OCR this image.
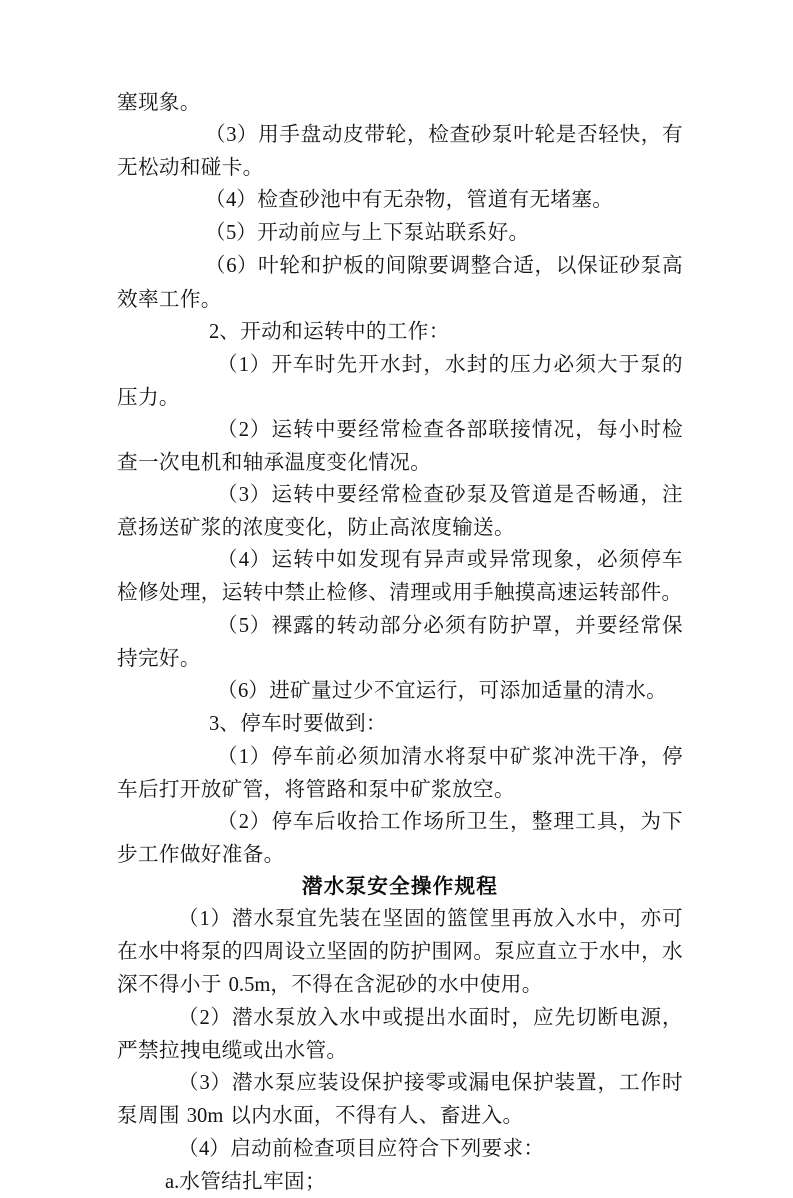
塞现象。

（3）用手盘动皮带轮，检查砂泵叶轮是否轻快，有无松动和碰卡。

（4）检查砂池中有无杂物，管道有无堵塞。

（5）开动前应与上下泵站联系好。

（6）叶轮和护板的间隙要调整合适，以保证砂泵高效率工作。

2、开动和运转中的工作：

（1）开车时先开水封，水封的压力必须大于泵的压力。

（2）运转中要经常检查各部联接情况，每小时检查一次电机和轴承温度变化情况。

（3）运转中要经常检查砂泵及管道是否畅通，注意扬送矿浆的浓度变化，防止高浓度输送。

（4）运转中如发现有异声或异常现象，必须停车检修处理，运转中禁止检修、清理或用手触摸高速运转部件。

（5）裸露的转动部分必须有防护罩，并要经常保持完好。

（6）进矿量过少不宜运行，可添加适量的清水。

3、停车时要做到：

（1）停车前必须加清水将泵中矿浆冲洗干净，停车后打开放矿管，将管路和泵中矿浆放空。

（2）停车后收拾工作场所卫生，整理工具，为下步工作做好准备。

潜水泵安全操作规程

（1）潜水泵宜先装在坚固的篮筐里再放入水中，亦可在水中将泵的四周设立坚固的防护围网。泵应直立于水中，水深不得小于 0.5m，不得在含泥砂的水中使用。

（2）潜水泵放入水中或提出水面时，应先切断电源，严禁拉拽电缆或出水管。

（3）潜水泵应装设保护接零或漏电保护装置，工作时泵周围 30m 以内水面，不得有人、畜进入。

（4）启动前检查项目应符合下列要求：

a.水管结扎牢固；
